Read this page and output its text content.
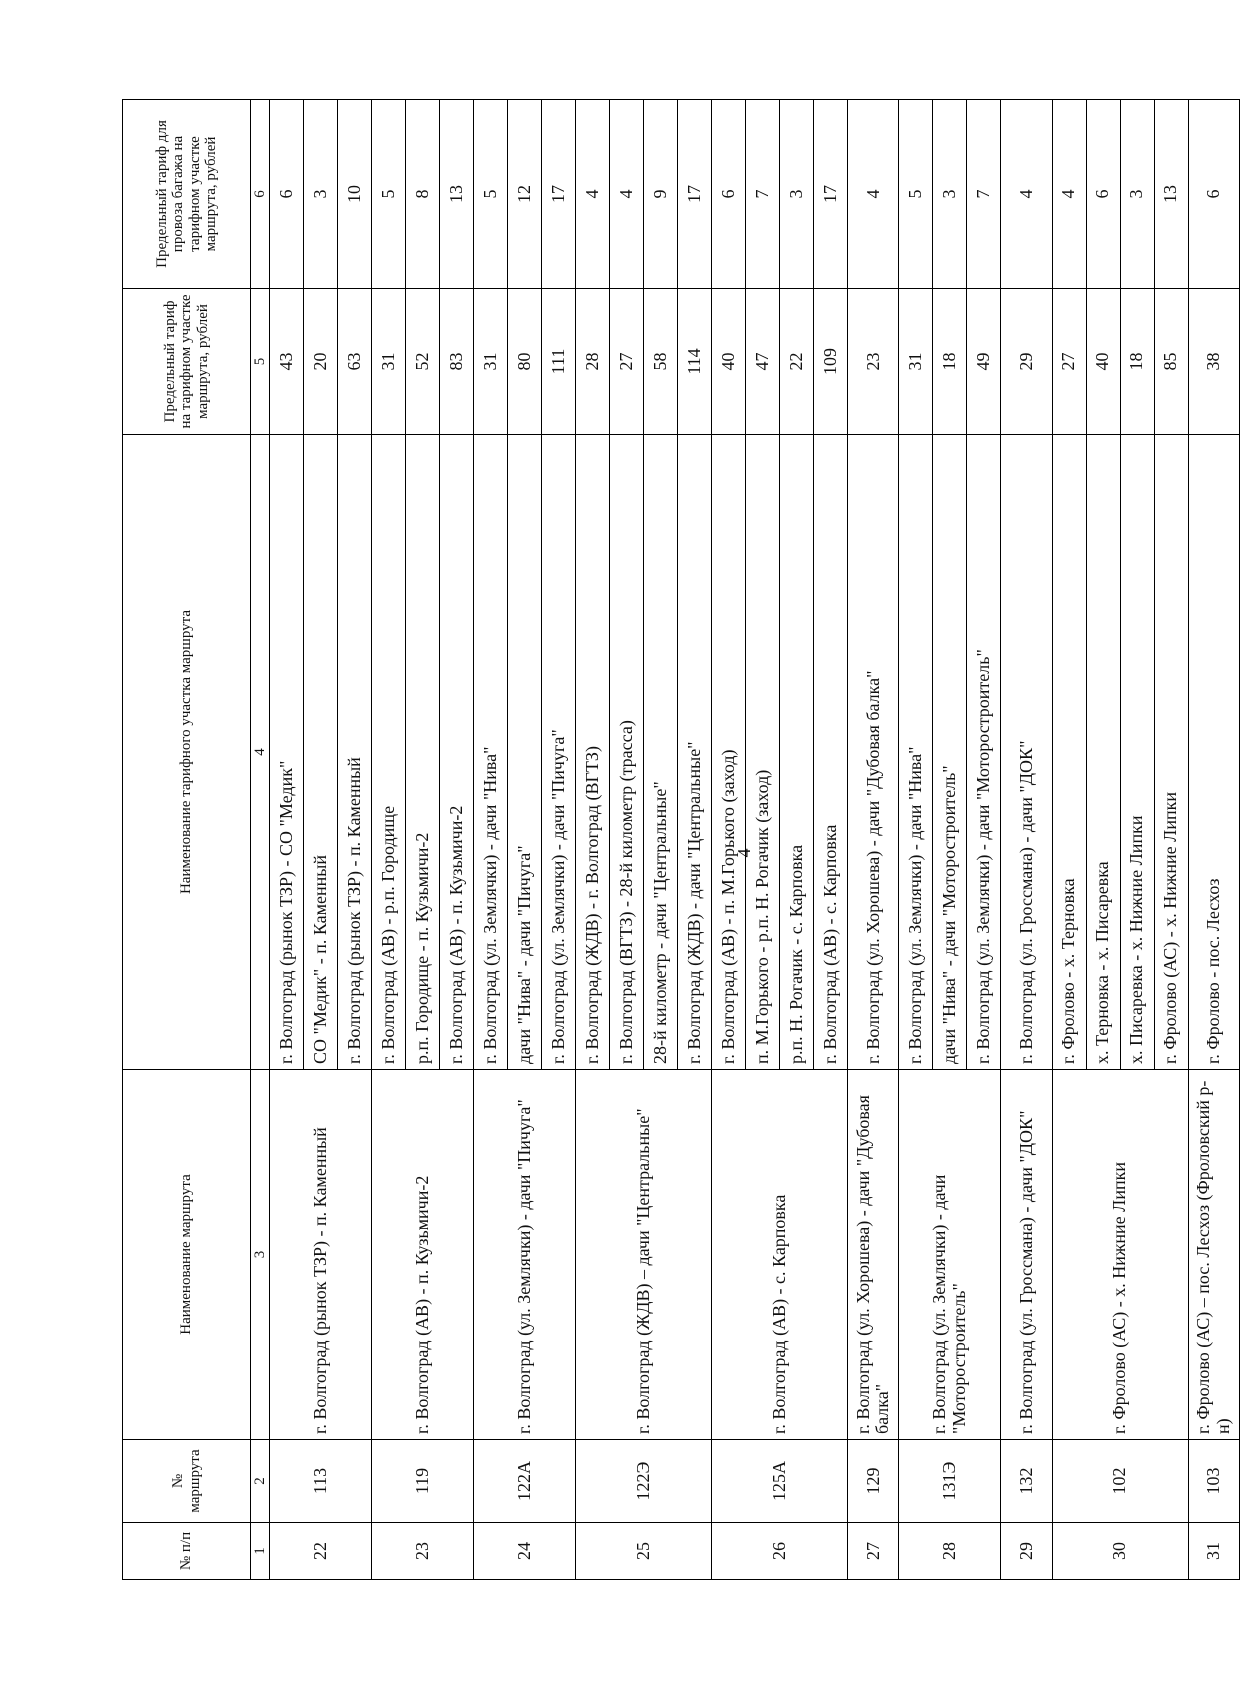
4
№ п/п	№ маршрута	Наименование маршрута	Наименование тарифного участка маршрута	Предельный тариф на тарифном участке маршрута, рублей	Предельный тариф для провоза багажа на тарифном участке маршрута, рублей
1	2	3	4	5	6
22	113	г. Волгоград (рынок ТЗР) - п. Каменный	г. Волгоград (рынок ТЗР) - СО "Медик"	43	6
			СО "Медик" - п. Каменный	20	3
			г. Волгоград (рынок ТЗР) - п. Каменный	63	10
23	119	г. Волгоград (АВ) - п. Кузьмичи-2	г. Волгоград (АВ) - р.п. Городище	31	5
			р.п. Городище - п. Кузьмичи-2	52	8
			г. Волгоград (АВ) - п. Кузьмичи-2	83	13
24	122А	г. Волгоград (ул. Землячки) - дачи "Пичуга"	г. Волгоград (ул. Землячки) - дачи "Нива"	31	5
			дачи "Нива" - дачи "Пичуга"	80	12
			г. Волгоград (ул. Землячки) - дачи "Пичуга"	111	17
25	122Э	г. Волгоград (ЖДВ) – дачи "Центральные"	г. Волгоград (ЖДВ) - г. Волгоград (ВГТЗ)	28	4
			г. Волгоград (ВГТЗ) - 28-й километр (трасса)	27	4
			28-й километр - дачи "Центральные"	58	9
			г. Волгоград (ЖДВ) - дачи "Центральные"	114	17
26	125А	г. Волгоград (АВ) - с. Карповка	г. Волгоград (АВ) - п. М.Горького (заход)	40	6
			п. М.Горького - р.п. Н. Рогачик (заход)	47	7
			р.п. Н. Рогачик - с. Карповка	22	3
			г. Волгоград (АВ) - с. Карповка	109	17
27	129	г. Волгоград (ул. Хорошева) - дачи "Дубовая балка"	г. Волгоград (ул. Хорошева) - дачи "Дубовая балка"	23	4
28	131Э	г. Волгоград (ул. Землячки) - дачи "Моторостроитель"	г. Волгоград (ул. Землячки) - дачи "Нива"	31	5
			дачи "Нива" - дачи "Моторостроитель"	18	3
			г. Волгоград (ул. Землячки) - дачи "Моторостроитель"	49	7
29	132	г. Волгоград (ул. Гроссмана) - дачи "ДОК"	г. Волгоград (ул. Гроссмана) - дачи "ДОК"	29	4
30	102	г. Фролово (АС) - х. Нижние Липки	г. Фролово - х. Терновка	27	4
			х. Терновка - х. Писаревка	40	6
			х. Писаревка - х. Нижние Липки	18	3
			г. Фролово (АС) - х. Нижние Липки	85	13
31	103	г. Фролово (АС) – пос. Лесхоз (Фроловский р-н)	г. Фролово - пос. Лесхоз	38	6
